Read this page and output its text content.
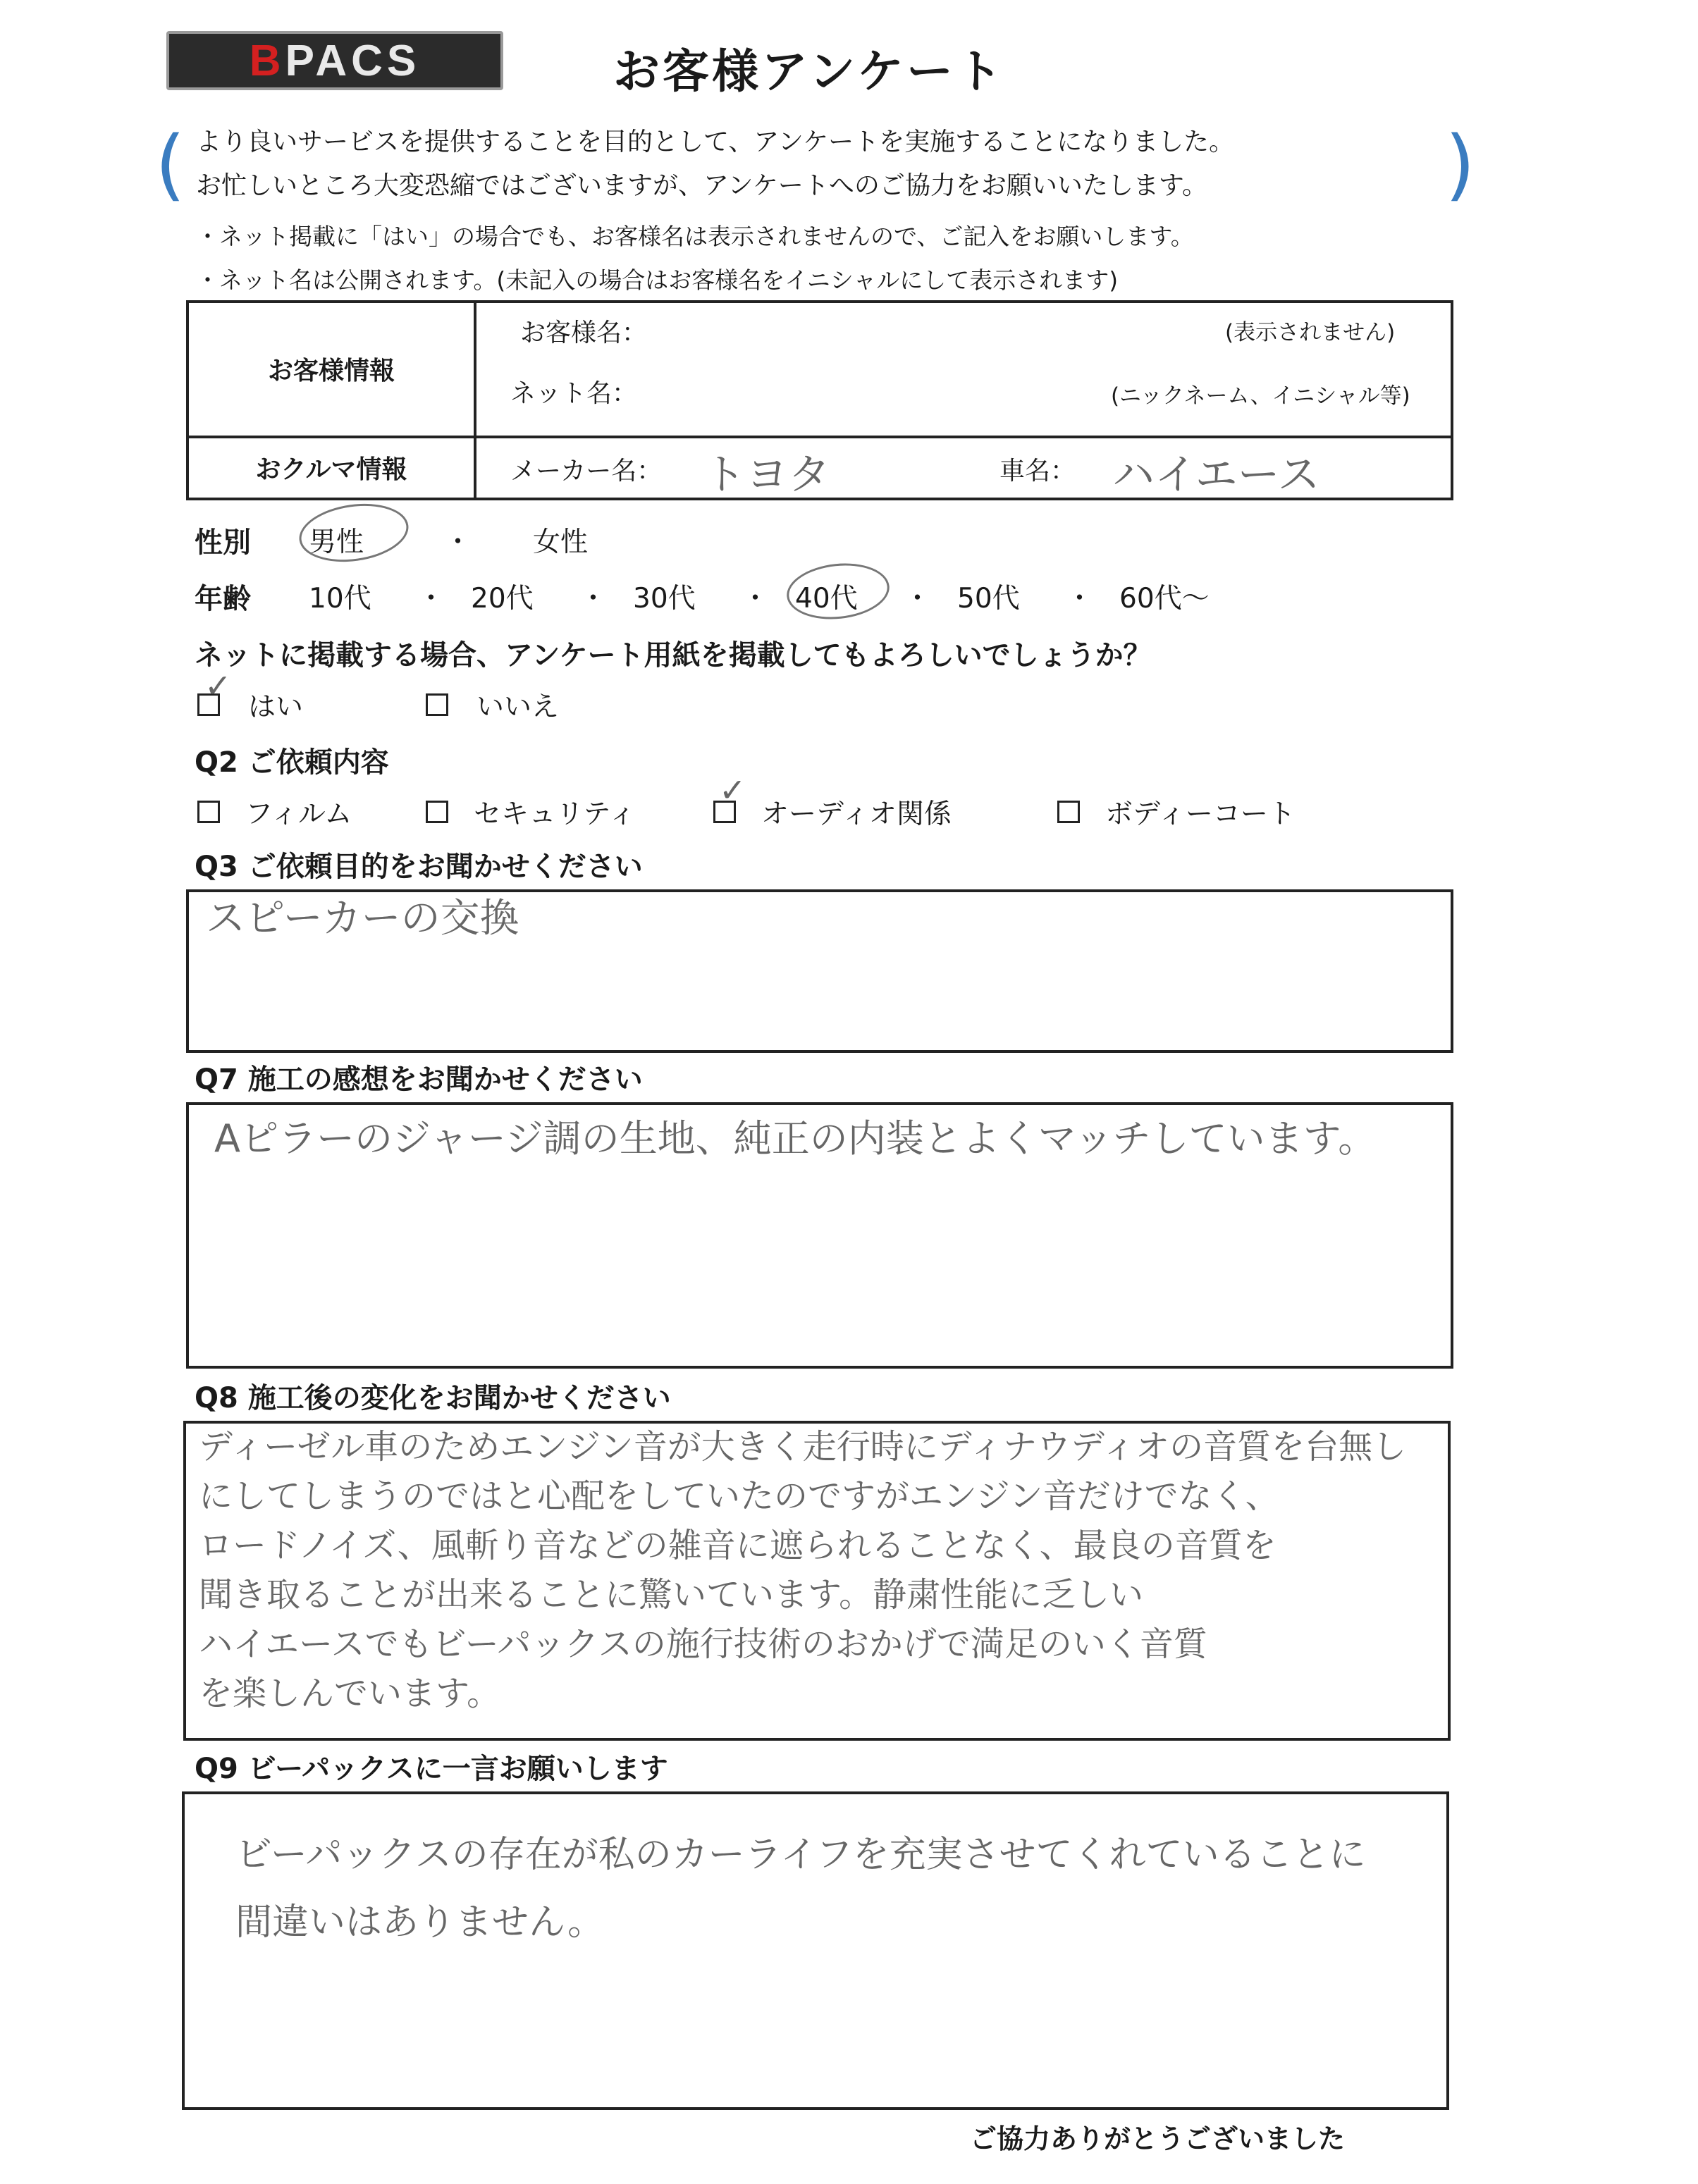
B PACS	お客様アンケート
(	)
より良いサービスを提供することを目的として、アンケートを実施することになりました。
お忙しいところ大変恐縮ではございますが、アンケートへのご協力をお願いいたします。
・ネット掲載に「はい」の場合でも、お客様名は表示されませんので、ご記入をお願いします。
・ネット名は公開されます。(未記入の場合はお客様名をイニシャルにして表示されます)
お客様情報
お客様名：	(表示されません)
ネット名：	(ニックネーム、イニシャル等)
おクルマ情報	メーカー名： トヨタ	車名： ハイエース
性別 男性	・ 女性
年齢 10代 ・ 20代 ・ 30代 ・ 40代 ・ 50代 ・ 60代～
ネットに掲載する場合、アンケート用紙を掲載してもよろしいでしょうか？
はい
✓
いいえ
Q2 ご依頼内容
フィルム	セキュリティ	オーディオ関係
✓
ボディーコート
Q3 ご依頼目的をお聞かせください
スピーカーの交換
Q7 施工の感想をお聞かせください
Aピラーのジャージ調の生地、純正の内装とよくマッチしています。
Q8 施工後の変化をお聞かせください
ディーゼル車のためエンジン音が大きく走行時にディナウディオの音質を台無し
にしてしまうのではと心配をしていたのですがエンジン音だけでなく、
ロードノイズ、風斬り音などの雑音に遮られることなく、最良の音質を
聞き取ることが出来ることに驚いています。静粛性能に乏しい
ハイエースでもビーパックスの施行技術のおかげで満足のいく音質
を楽しんでいます。
Q9 ビーパックスに一言お願いします
ビーパックスの存在が私のカーライフを充実させてくれていることに
間違いはありません。
ご協力ありがとうございました
